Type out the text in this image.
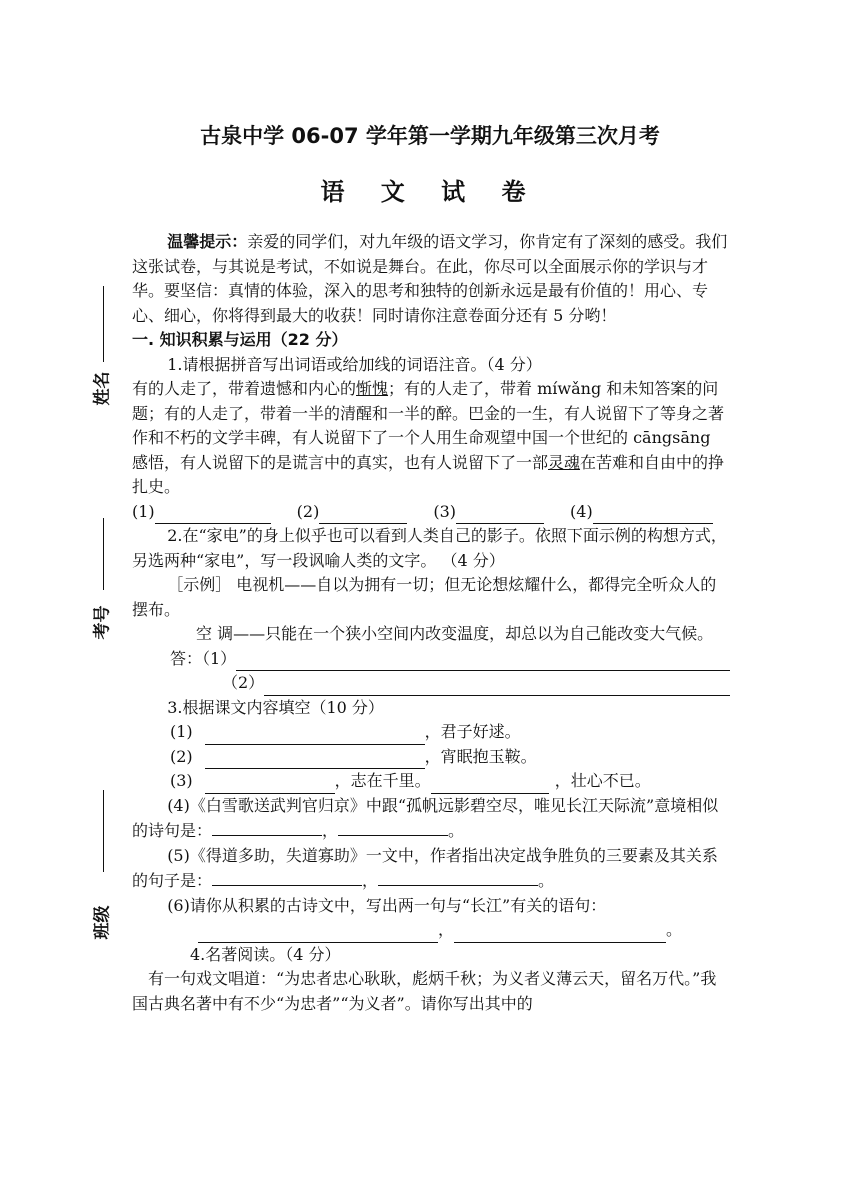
古泉中学 06-07 学年第一学期九年级第三次月考
语 文 试 卷
姓名
考号
班级

温馨提示：亲爱的同学们，对九年级的语文学习，你肯定有了深刻的感受。我们这张试卷，与其说是考试，不如说是舞台。在此，你尽可以全面展示你的学识与才华。要坚信：真情的体验，深入的思考和独特的创新永远是最有价值的！用心、专心、细心，你将得到最大的收获！同时请你注意卷面分还有 5 分哟！

一. 知识积累与运用（22 分）

1.请根据拼音写出词语或给加线的词语注音。（4 分）

有的人走了，带着遗憾和内心的惭愧；有的人走了，带着 míwǎng 和未知答案的问题；有的人走了，带着一半的清醒和一半的醉。巴金的一生，有人说留下了等身之著作和不朽的文学丰碑，有人说留下了一个人用生命观望中国一个世纪的 cāngsāng 感悟，有人说留下的是谎言中的真实，也有人说留下了一部灵魂在苦难和自由中的挣扎史。

(1)	(2)	(3)	(4)

2.在“家电”的身上似乎也可以看到人类自己的影子。依照下面示例的构想方式，另选两种“家电”，写一段讽喻人类的文字。 （4 分）

［示例］ 电视机——自以为拥有一切；但无论想炫耀什么，都得完全听众人的摆布。

空 调——只能在一个狭小空间内改变温度，却总以为自己能改变大气候。

答：（1）
（2）

3.根据课文内容填空（10 分）

(1)	，君子好逑。
(2)	，宵眠抱玉鞍。
(3)	，志在千里。	，壮心不已。

(4)《白雪歌送武判官归京》中跟“孤帆远影碧空尽，唯见长江天际流”意境相似的诗句是：	，	。

(5)《得道多助，失道寡助》一文中，作者指出决定战争胜负的三要素及其关系的句子是：	，	。

(6)请你从积累的古诗文中，写出两一句与“长江”有关的语句：

，	。

4.名著阅读。（4 分）

有一句戏文唱道：“为忠者忠心耿耿，彪炳千秋；为义者义薄云天，留名万代。”我国古典名著中有不少“为忠者”“为义者”。请你写出其中的
